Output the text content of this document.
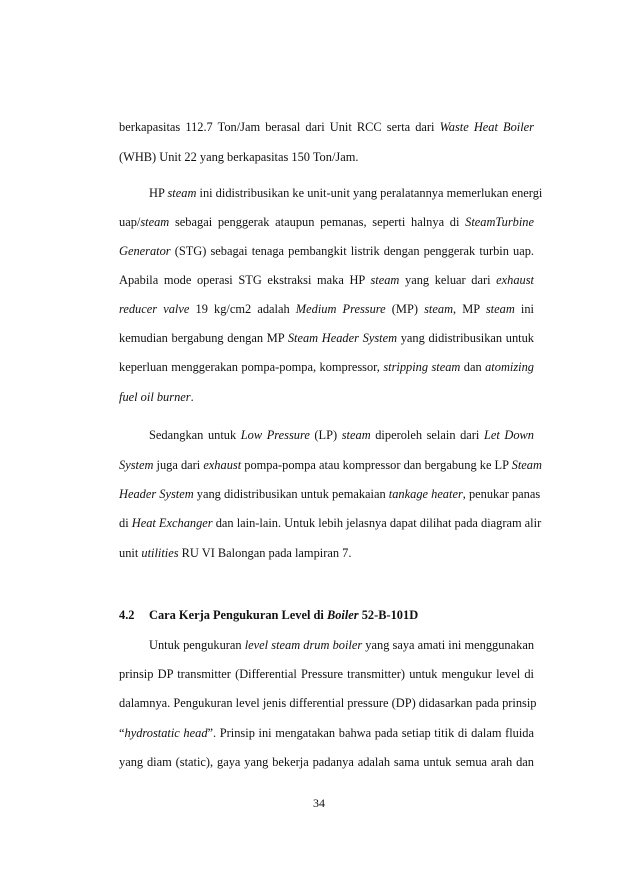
berkapasitas 112.7 Ton/Jam berasal dari Unit RCC serta dari Waste Heat Boiler
(WHB) Unit 22 yang berkapasitas 150 Ton/Jam.
HP steam ini didistribusikan ke unit-unit yang peralatannya memerlukan energi
uap/steam sebagai penggerak ataupun pemanas, seperti halnya di SteamTurbine
Generator (STG) sebagai tenaga pembangkit listrik dengan penggerak turbin uap.
Apabila mode operasi STG ekstraksi maka HP steam yang keluar dari exhaust
reducer valve 19 kg/cm2 adalah Medium Pressure (MP) steam, MP steam ini
kemudian bergabung dengan MP Steam Header System yang didistribusikan untuk
keperluan menggerakan pompa-pompa, kompressor, stripping steam dan atomizing
fuel oil burner.
Sedangkan untuk Low Pressure (LP) steam diperoleh selain dari Let Down
System juga dari exhaust pompa-pompa atau kompressor dan bergabung ke LP Steam
Header System yang didistribusikan untuk pemakaian tankage heater, penukar panas
di Heat Exchanger dan lain-lain. Untuk lebih jelasnya dapat dilihat pada diagram alir
unit utilities RU VI Balongan pada lampiran 7.
4.2 Cara Kerja Pengukuran Level di Boiler 52-B-101D
Untuk pengukuran level steam drum boiler yang saya amati ini menggunakan
prinsip DP transmitter (Differential Pressure transmitter) untuk mengukur level di
dalamnya. Pengukuran level jenis differential pressure (DP) didasarkan pada prinsip
“hydrostatic head”. Prinsip ini mengatakan bahwa pada setiap titik di dalam fluida
yang diam (static), gaya yang bekerja padanya adalah sama untuk semua arah dan
34
